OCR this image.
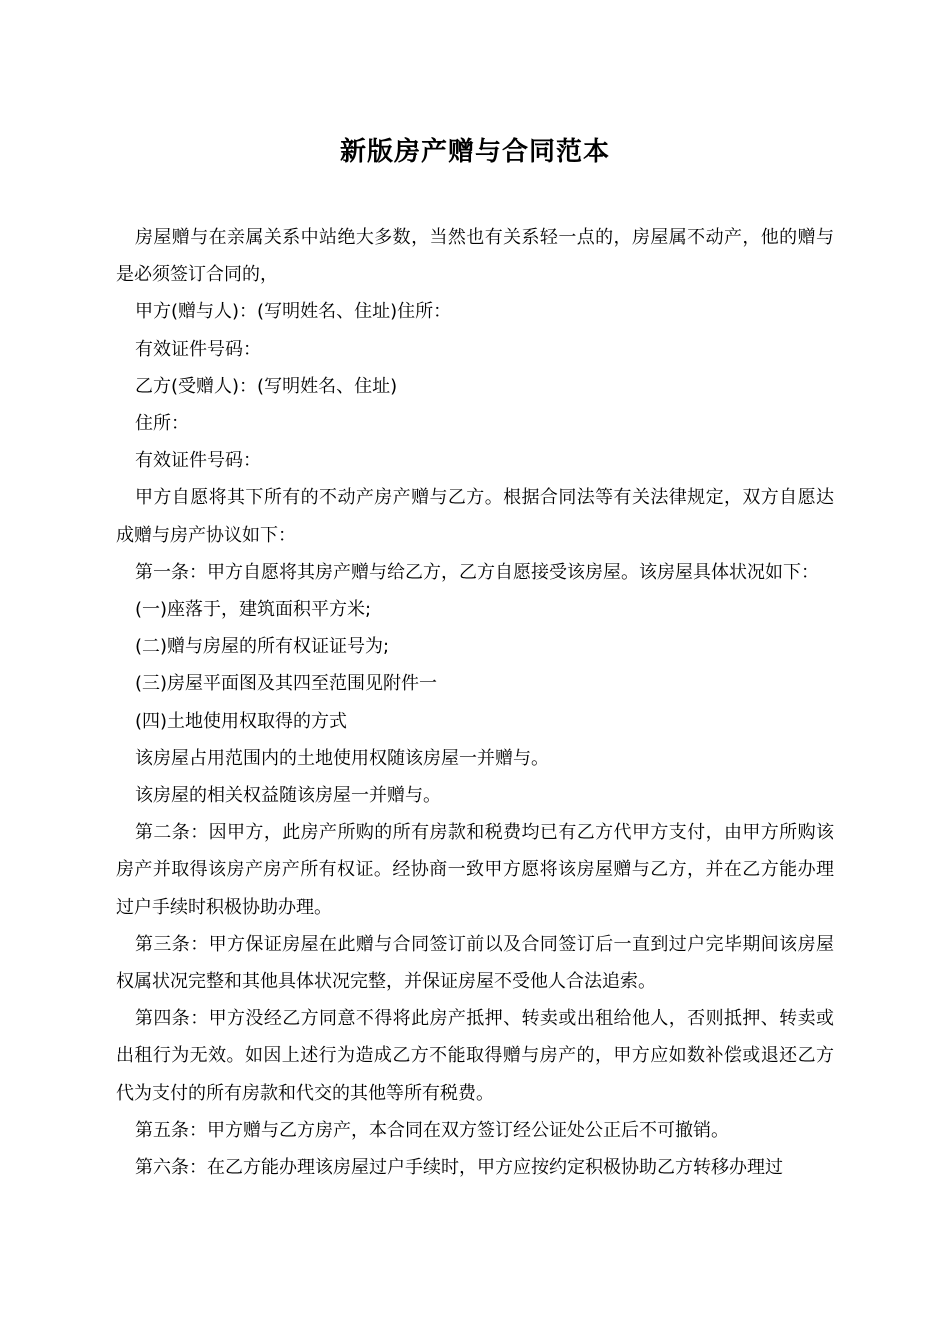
新版房产赠与合同范本

房屋赠与在亲属关系中站绝大多数，当然也有关系轻一点的，房屋属不动产，他的赠与是必须签订合同的，

甲方(赠与人)：(写明姓名、住址)住所：

有效证件号码：

乙方(受赠人)：(写明姓名、住址)

住所：

有效证件号码：

甲方自愿将其下所有的不动产房产赠与乙方。根据合同法等有关法律规定，双方自愿达成赠与房产协议如下：

第一条：甲方自愿将其房产赠与给乙方，乙方自愿接受该房屋。该房屋具体状况如下：

(一)座落于，建筑面积平方米;

(二)赠与房屋的所有权证证号为;

(三)房屋平面图及其四至范围见附件一

(四)土地使用权取得的方式

该房屋占用范围内的土地使用权随该房屋一并赠与。

该房屋的相关权益随该房屋一并赠与。

第二条：因甲方，此房产所购的所有房款和税费均已有乙方代甲方支付，由甲方所购该房产并取得该房产房产所有权证。经协商一致甲方愿将该房屋赠与乙方，并在乙方能办理过户手续时积极协助办理。

第三条：甲方保证房屋在此赠与合同签订前以及合同签订后一直到过户完毕期间该房屋权属状况完整和其他具体状况完整，并保证房屋不受他人合法追索。

第四条：甲方没经乙方同意不得将此房产抵押、转卖或出租给他人，否则抵押、转卖或出租行为无效。如因上述行为造成乙方不能取得赠与房产的，甲方应如数补偿或退还乙方代为支付的所有房款和代交的其他等所有税费。

第五条：甲方赠与乙方房产，本合同在双方签订经公证处公正后不可撤销。

第六条：在乙方能办理该房屋过户手续时，甲方应按约定积极协助乙方转移办理过
